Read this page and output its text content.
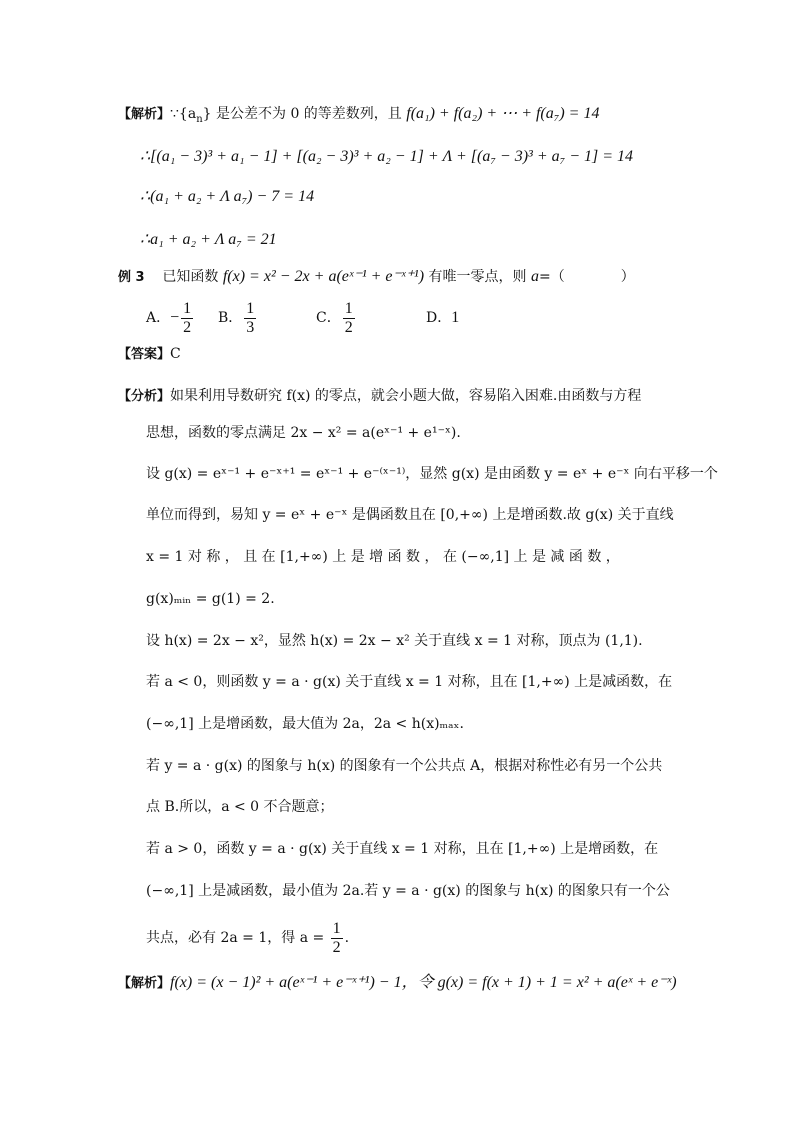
【解析】$\because\{a_n\}$ 是公差不为 0 的等差数列，且 f(a₁) + f(a₂) + ⋯ + f(a₇) = 14
∴[(a₁ − 3)³ + a₁ − 1] + [(a₂ − 3)³ + a₂ − 1] + Λ + [(a₇ − 3)³ + a₇ − 1] = 14
∴(a₁ + a₂ + Λ a₇) − 7 = 14
∴a₁ + a₂ + Λ a₇ = 21
例 3 已知函数 f(x) = x² − 2x + a(eˣ⁻¹ + e⁻ˣ⁺¹) 有唯一零点，则 a=（　　　　）
A．− $\frac{1}{2}$ B． $\frac{1}{3}$	C． $\frac{1}{2}$	D．1
【答案】C
【分析】如果利用导数研究 f(x) 的零点，就会小题大做，容易陷入困难.由函数与方程
思想，函数的零点满足 2x − x² = a(eˣ⁻¹ + e¹⁻ˣ).
设 g(x) = eˣ⁻¹ + e⁻ˣ⁺¹ = eˣ⁻¹ + e⁻⁽ˣ⁻¹⁾，显然 g(x) 是由函数 y = eˣ + e⁻ˣ 向右平移一个
单位而得到，易知 y = eˣ + e⁻ˣ 是偶函数且在 [0,+∞) 上是增函数.故 g(x) 关于直线
x = 1 对 称 ， 且 在 [1,+∞) 上 是 增 函 数 ， 在 (−∞,1] 上 是 减 函 数 ，
g(x)ₘᵢₙ = g(1) = 2.
设 h(x) = 2x − x²，显然 h(x) = 2x − x² 关于直线 x = 1 对称，顶点为 (1,1).
若 a < 0，则函数 y = a · g(x) 关于直线 x = 1 对称，且在 [1,+∞) 上是减函数，在
(−∞,1] 上是增函数，最大值为 2a，2a < h(x)ₘₐₓ.
若 y = a · g(x) 的图象与 h(x) 的图象有一个公共点 A，根据对称性必有另一个公共
点 B.所以，a < 0 不合题意；
若 a > 0，函数 y = a · g(x) 关于直线 x = 1 对称，且在 [1,+∞) 上是增函数，在
(−∞,1] 上是减函数，最小值为 2a.若 y = a · g(x) 的图象与 h(x) 的图象只有一个公
共点，必有 2a = 1，得 $a = \frac{1}{2}$ .
【解析】f(x) = (x − 1)² + a(eˣ⁻¹ + e⁻ˣ⁺¹) − 1，令 g(x) = f(x + 1) + 1 = x² + a(eˣ + e⁻ˣ)
